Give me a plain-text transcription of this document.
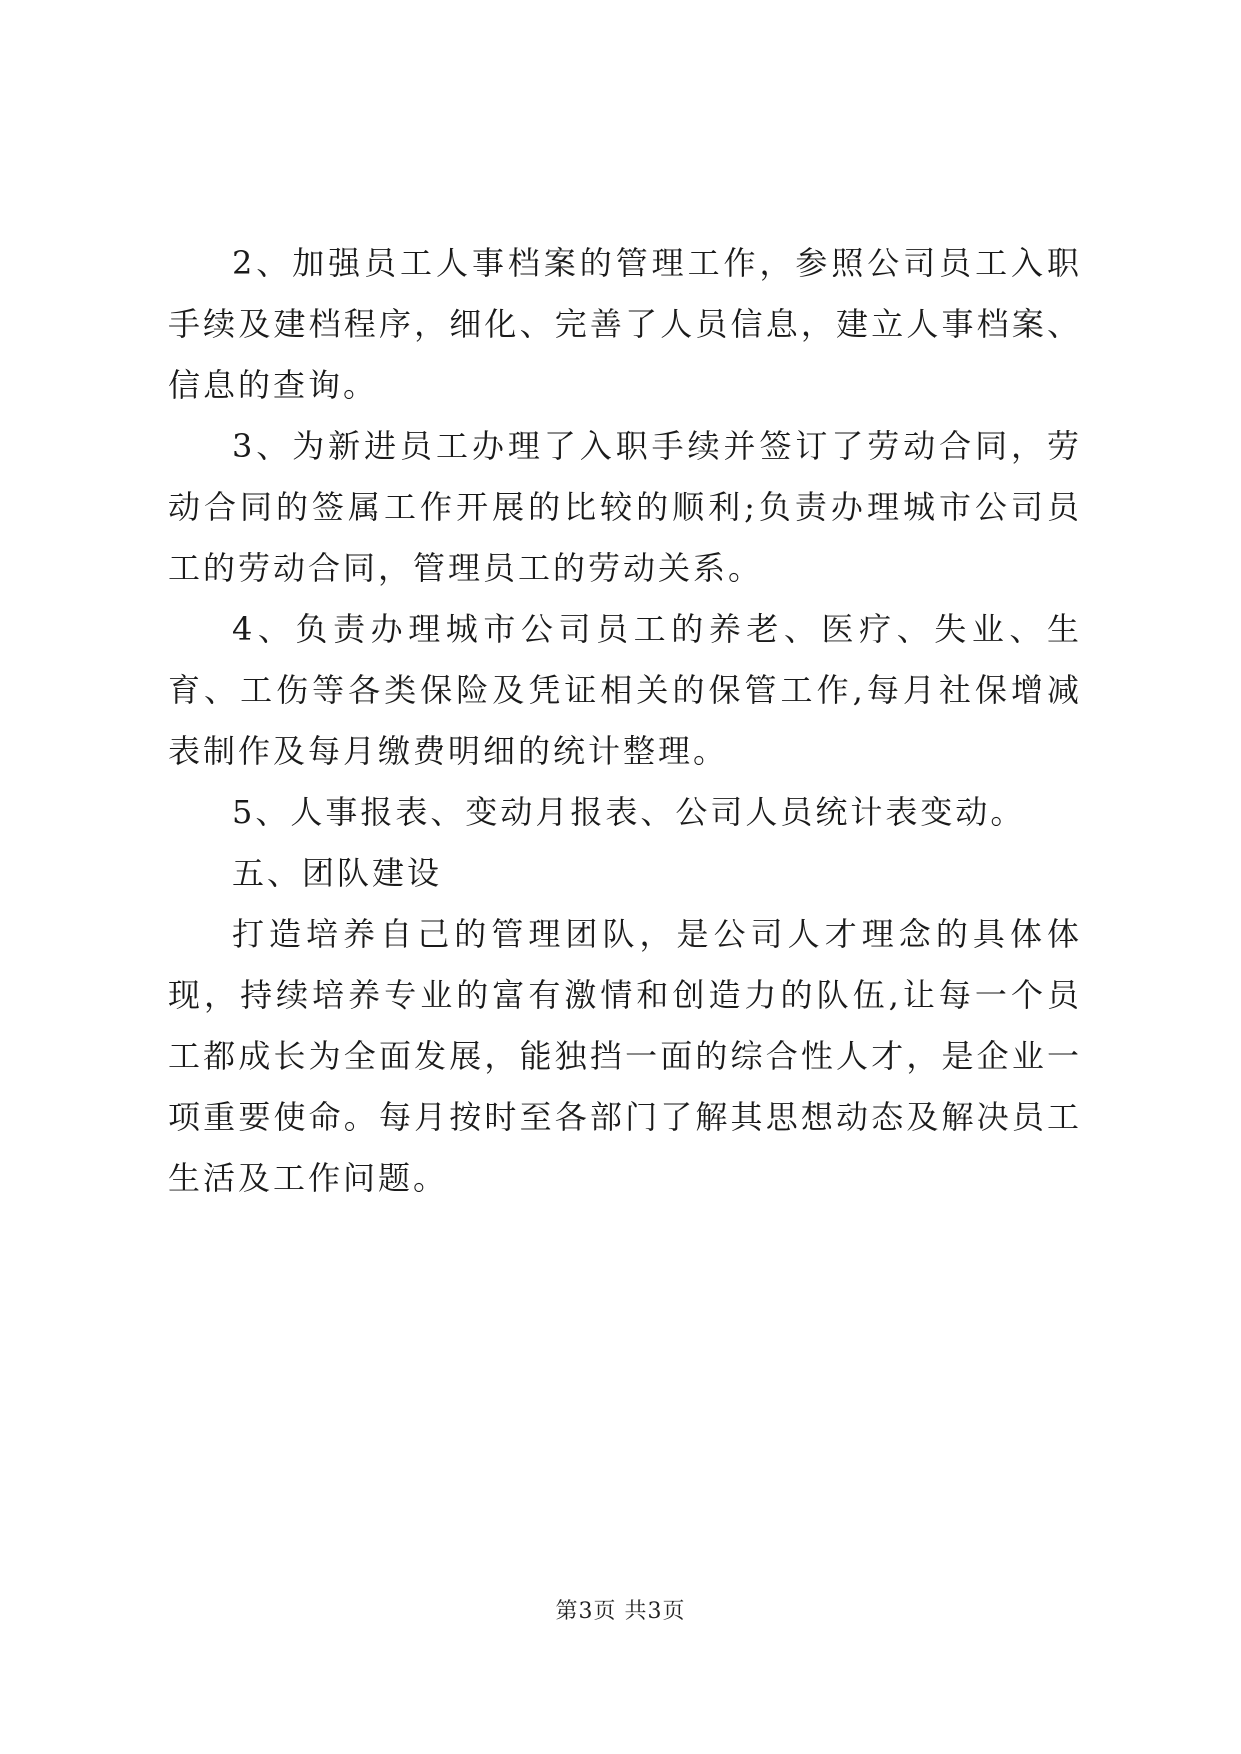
2、加强员工人事档案的管理工作，参照公司员工入职手续及建档程序，细化、完善了人员信息，建立人事档案、信息的查询。

3、为新进员工办理了入职手续并签订了劳动合同，劳动合同的签属工作开展的比较的顺利;负责办理城市公司员工的劳动合同，管理员工的劳动关系。

4、负责办理城市公司员工的养老、医疗、失业、生育、工伤等各类保险及凭证相关的保管工作,每月社保增减表制作及每月缴费明细的统计整理。

5、人事报表、变动月报表、公司人员统计表变动。

五、团队建设

打造培养自己的管理团队，是公司人才理念的具体体现，持续培养专业的富有激情和创造力的队伍,让每一个员工都成长为全面发展，能独挡一面的综合性人才，是企业一项重要使命。每月按时至各部门了解其思想动态及解决员工生活及工作问题。

第3页 共3页
